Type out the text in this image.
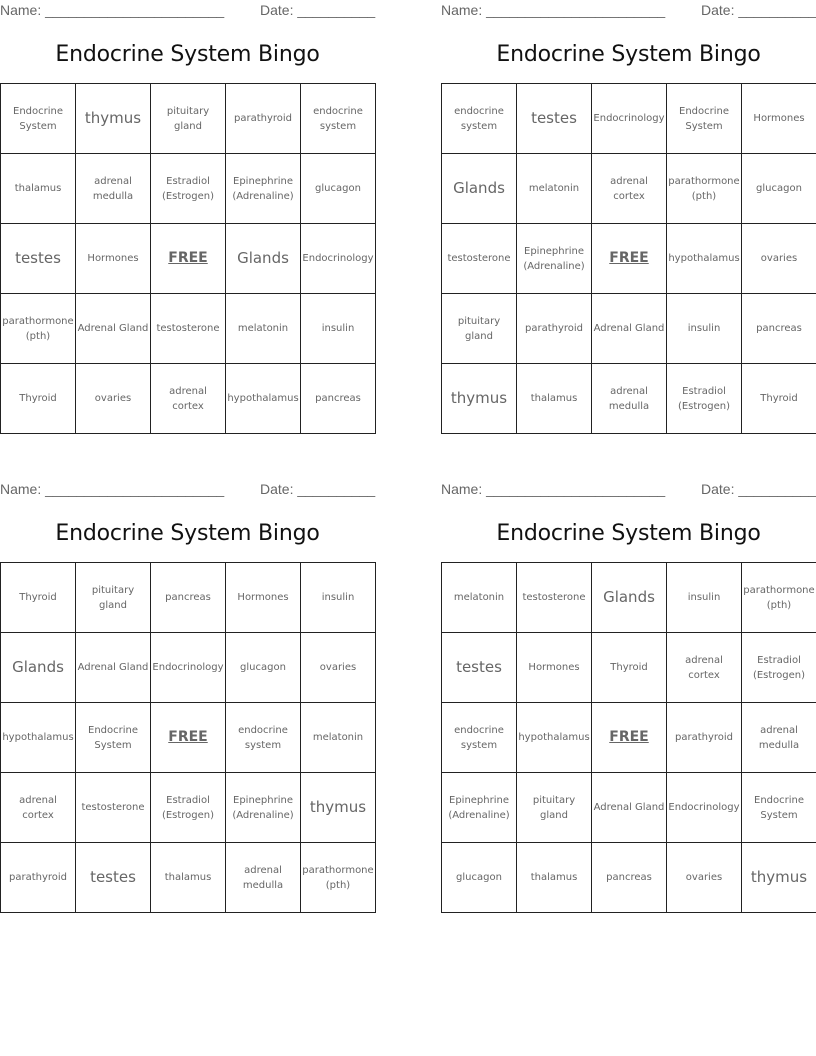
Name: _______________________	Date: __________
Endocrine System Bingo
Endocrine System	thymus	pituitary gland	parathyroid	endocrine system

thalamus	adrenal medulla	Estradiol (Estrogen)	Epinephrine (Adrenaline)	glucagon

testes	Hormones	FREE	Glands	Endocrinology

parathormone (pth)	Adrenal Gland	testosterone	melatonin	insulin

Thyroid	ovaries	adrenal cortex	hypothalamus	pancreas
Name: _______________________	Date: __________
Endocrine System Bingo
endocrine system	testes	Endocrinology	Endocrine System	Hormones

Glands	melatonin	adrenal cortex	parathormone (pth)	glucagon

testosterone	Epinephrine (Adrenaline)	FREE	hypothalamus	ovaries

pituitary gland	parathyroid	Adrenal Gland	insulin	pancreas

thymus	thalamus	adrenal medulla	Estradiol (Estrogen)	Thyroid
Name: _______________________	Date: __________
Endocrine System Bingo
Thyroid	pituitary gland	pancreas	Hormones	insulin

Glands	Adrenal Gland	Endocrinology	glucagon	ovaries

hypothalamus	Endocrine System	FREE	endocrine system	melatonin

adrenal cortex	testosterone	Estradiol (Estrogen)	Epinephrine (Adrenaline)	thymus

parathyroid	testes	thalamus	adrenal medulla	parathormone (pth)
Name: _______________________	Date: __________
Endocrine System Bingo
melatonin	testosterone	Glands	insulin	parathormone (pth)

testes	Hormones	Thyroid	adrenal cortex	Estradiol (Estrogen)

endocrine system	hypothalamus	FREE	parathyroid	adrenal medulla

Epinephrine (Adrenaline)	pituitary gland	Adrenal Gland	Endocrinology	Endocrine System

glucagon	thalamus	pancreas	ovaries	thymus
